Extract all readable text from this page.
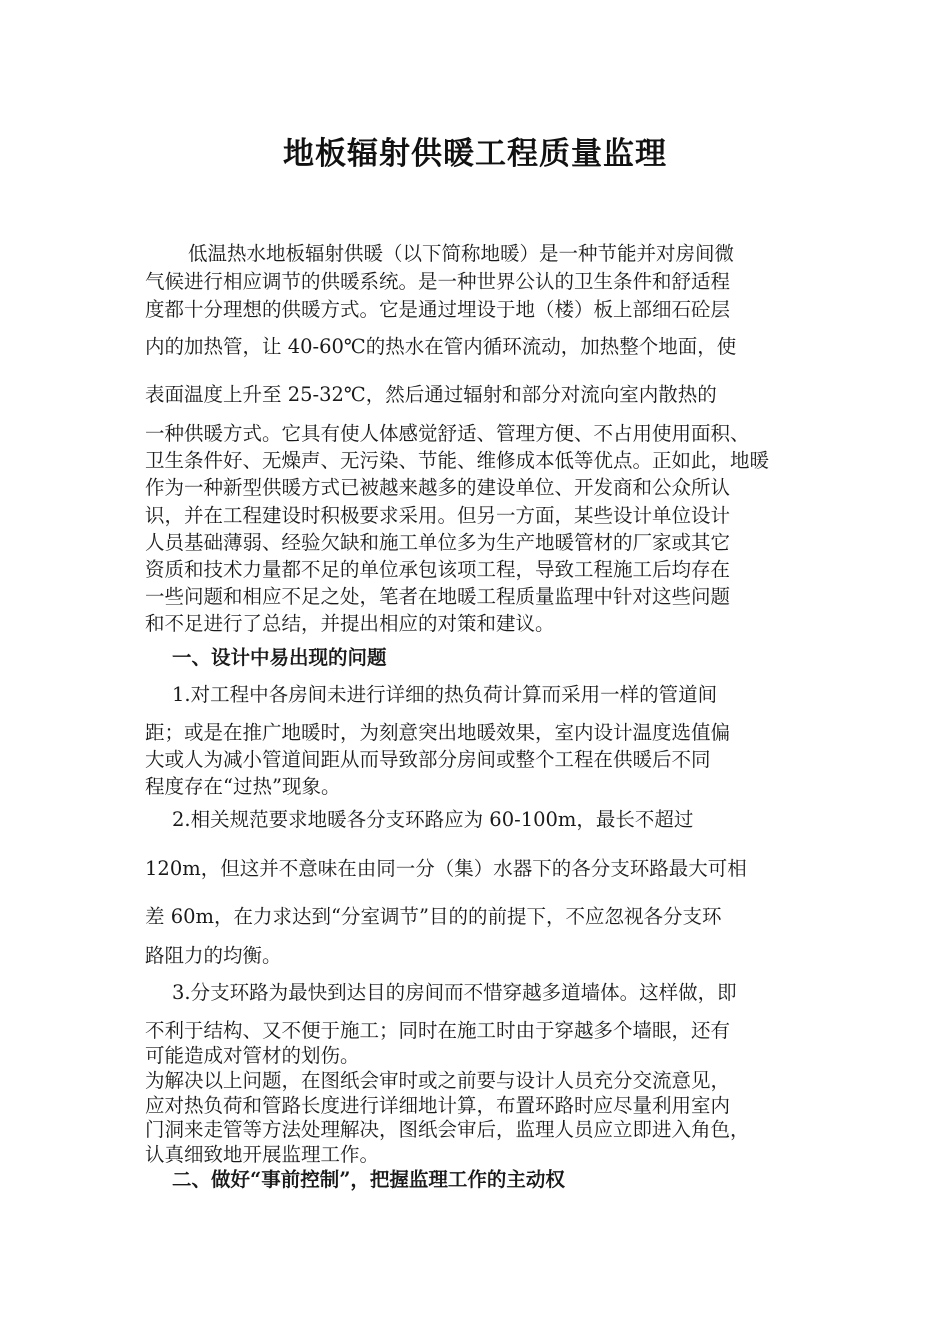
地板辐射供暖工程质量监理

低温热水地板辐射供暖（以下简称地暖）是一种节能并对房间微

气候进行相应调节的供暖系统。是一种世界公认的卫生条件和舒适程

度都十分理想的供暖方式。它是通过埋设于地（楼）板上部细石砼层

内的加热管，让 40-60℃的热水在管内循环流动，加热整个地面，使

表面温度上升至 25-32℃，然后通过辐射和部分对流向室内散热的

一种供暖方式。它具有使人体感觉舒适、管理方便、不占用使用面积、

卫生条件好、无燥声、无污染、节能、维修成本低等优点。正如此，地暖

作为一种新型供暖方式已被越来越多的建设单位、开发商和公众所认

识，并在工程建设时积极要求采用。但另一方面，某些设计单位设计

人员基础薄弱、经验欠缺和施工单位多为生产地暖管材的厂家或其它

资质和技术力量都不足的单位承包该项工程，导致工程施工后均存在

一些问题和相应不足之处，笔者在地暖工程质量监理中针对这些问题

和不足进行了总结，并提出相应的对策和建议。

一、设计中易出现的问题

1.对工程中各房间未进行详细的热负荷计算而采用一样的管道间

距；或是在推广地暖时，为刻意突出地暖效果，室内设计温度选值偏

大或人为减小管道间距从而导致部分房间或整个工程在供暖后不同

程度存在“过热”现象。

2.相关规范要求地暖各分支环路应为 60-100m，最长不超过

120m，但这并不意味在由同一分（集）水器下的各分支环路最大可相

差 60m，在力求达到“分室调节”目的的前提下，不应忽视各分支环

路阻力的均衡。

3.分支环路为最快到达目的房间而不惜穿越多道墙体。这样做，即

不利于结构、又不便于施工；同时在施工时由于穿越多个墙眼，还有

可能造成对管材的划伤。

为解决以上问题，在图纸会审时或之前要与设计人员充分交流意见，

应对热负荷和管路长度进行详细地计算，布置环路时应尽量利用室内

门洞来走管等方法处理解决，图纸会审后，监理人员应立即进入角色，

认真细致地开展监理工作。

二、做好“事前控制”，把握监理工作的主动权
